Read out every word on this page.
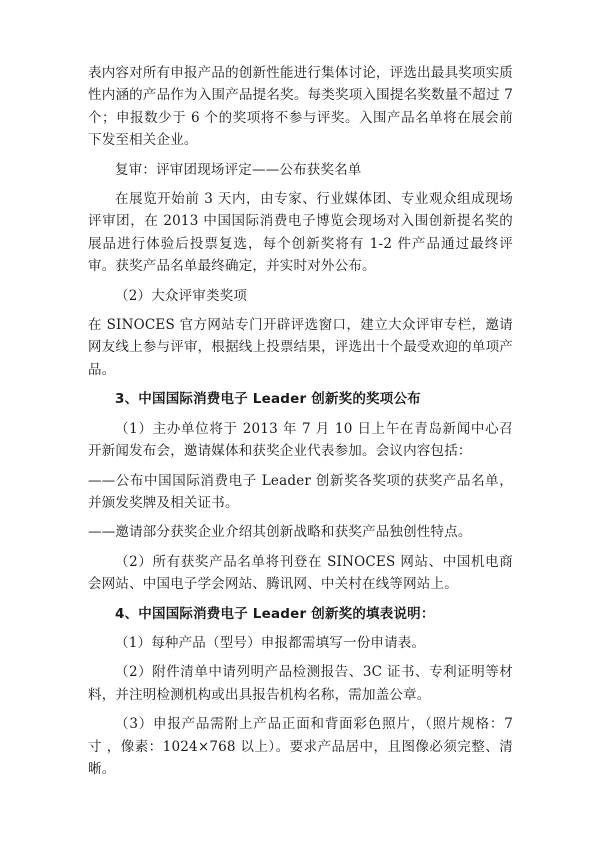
表内容对所有申报产品的创新性能进行集体讨论，评选出最具奖项实质性内涵的产品作为入围产品提名奖。每类奖项入围提名奖数量不超过 7 个；申报数少于 6 个的奖项将不参与评奖。入围产品名单将在展会前下发至相关企业。

复审：评审团现场评定——公布获奖名单

在展览开始前 3 天内，由专家、行业媒体团、专业观众组成现场评审团，在 2013 中国国际消费电子博览会现场对入围创新提名奖的展品进行体验后投票复选，每个创新奖将有 1-2 件产品通过最终评审。获奖产品名单最终确定，并实时对外公布。

（2）大众评审类奖项

在 SINOCES 官方网站专门开辟评选窗口，建立大众评审专栏，邀请网友线上参与评审，根据线上投票结果，评选出十个最受欢迎的单项产品。

3、中国国际消费电子 Leader 创新奖的奖项公布

（1）主办单位将于 2013 年 7 月 10 日上午在青岛新闻中心召开新闻发布会，邀请媒体和获奖企业代表参加。会议内容包括：

——公布中国国际消费电子 Leader 创新奖各奖项的获奖产品名单，并颁发奖牌及相关证书。

——邀请部分获奖企业介绍其创新战略和获奖产品独创性特点。

（2）所有获奖产品名单将刊登在 SINOCES 网站、中国机电商会网站、中国电子学会网站、腾讯网、中关村在线等网站上。

4、中国国际消费电子 Leader 创新奖的填表说明：

（1）每种产品（型号）申报都需填写一份申请表。

（2）附件清单中请列明产品检测报告、3C 证书、专利证明等材料，并注明检测机构或出具报告机构名称，需加盖公章。

（3）申报产品需附上产品正面和背面彩色照片，（照片规格：7 寸 ，像素：1024×768 以上）。要求产品居中，且图像必须完整、清晰。
